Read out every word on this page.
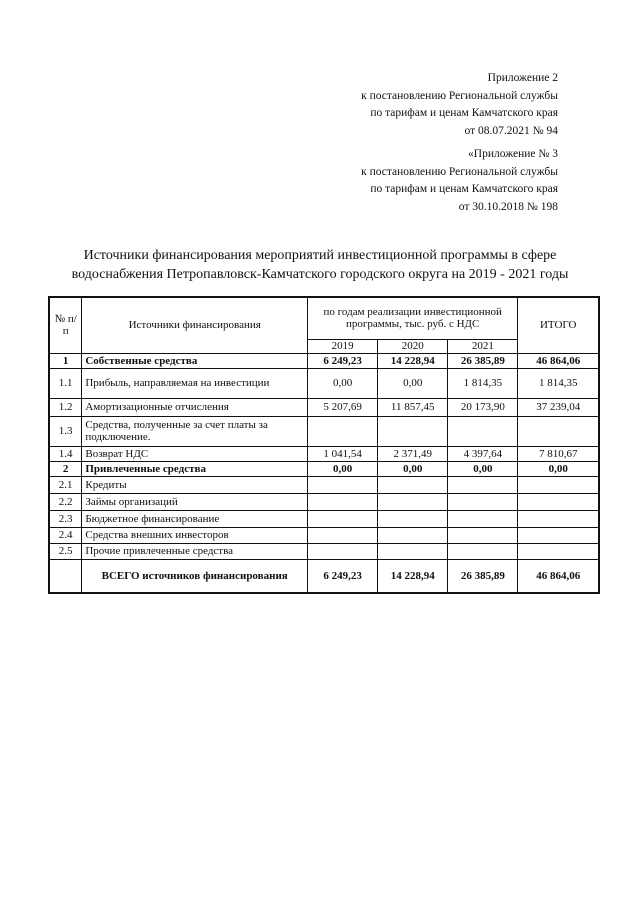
Приложение 2
к постановлению Региональной службы
по тарифам и ценам Камчатского края
от 08.07.2021 № 94
«Приложение № 3
к постановлению Региональной службы
по тарифам и ценам Камчатского края
от 30.10.2018 № 198
Источники финансирования мероприятий инвестиционной программы в сфере
водоснабжения Петропавловск-Камчатского городского округа на 2019 - 2021 годы
№ п/п	Источники финансирования	по годам реализации инвестиционной программы, тыс. руб. с НДС			ИТОГО
		2019	2020	2021	
1	Собственные средства	6 249,23	14 228,94	26 385,89	46 864,06
1.1	Прибыль, направляемая на инвестиции	0,00	0,00	1 814,35	1 814,35
1.2	Амортизационные отчисления	5 207,69	11 857,45	20 173,90	37 239,04
1.3	Средства, полученные за счет платы за подключение.				
1.4	Возврат НДС	1 041,54	2 371,49	4 397,64	7 810,67
2	Привлеченные средства	0,00	0,00	0,00	0,00
2.1	Кредиты				
2.2	Займы организаций				
2.3	Бюджетное финансирование				
2.4	Средства внешних инвесторов				
2.5	Прочие привлеченные средства				
	ВСЕГО источников финансирования	6 249,23	14 228,94	26 385,89	46 864,06
